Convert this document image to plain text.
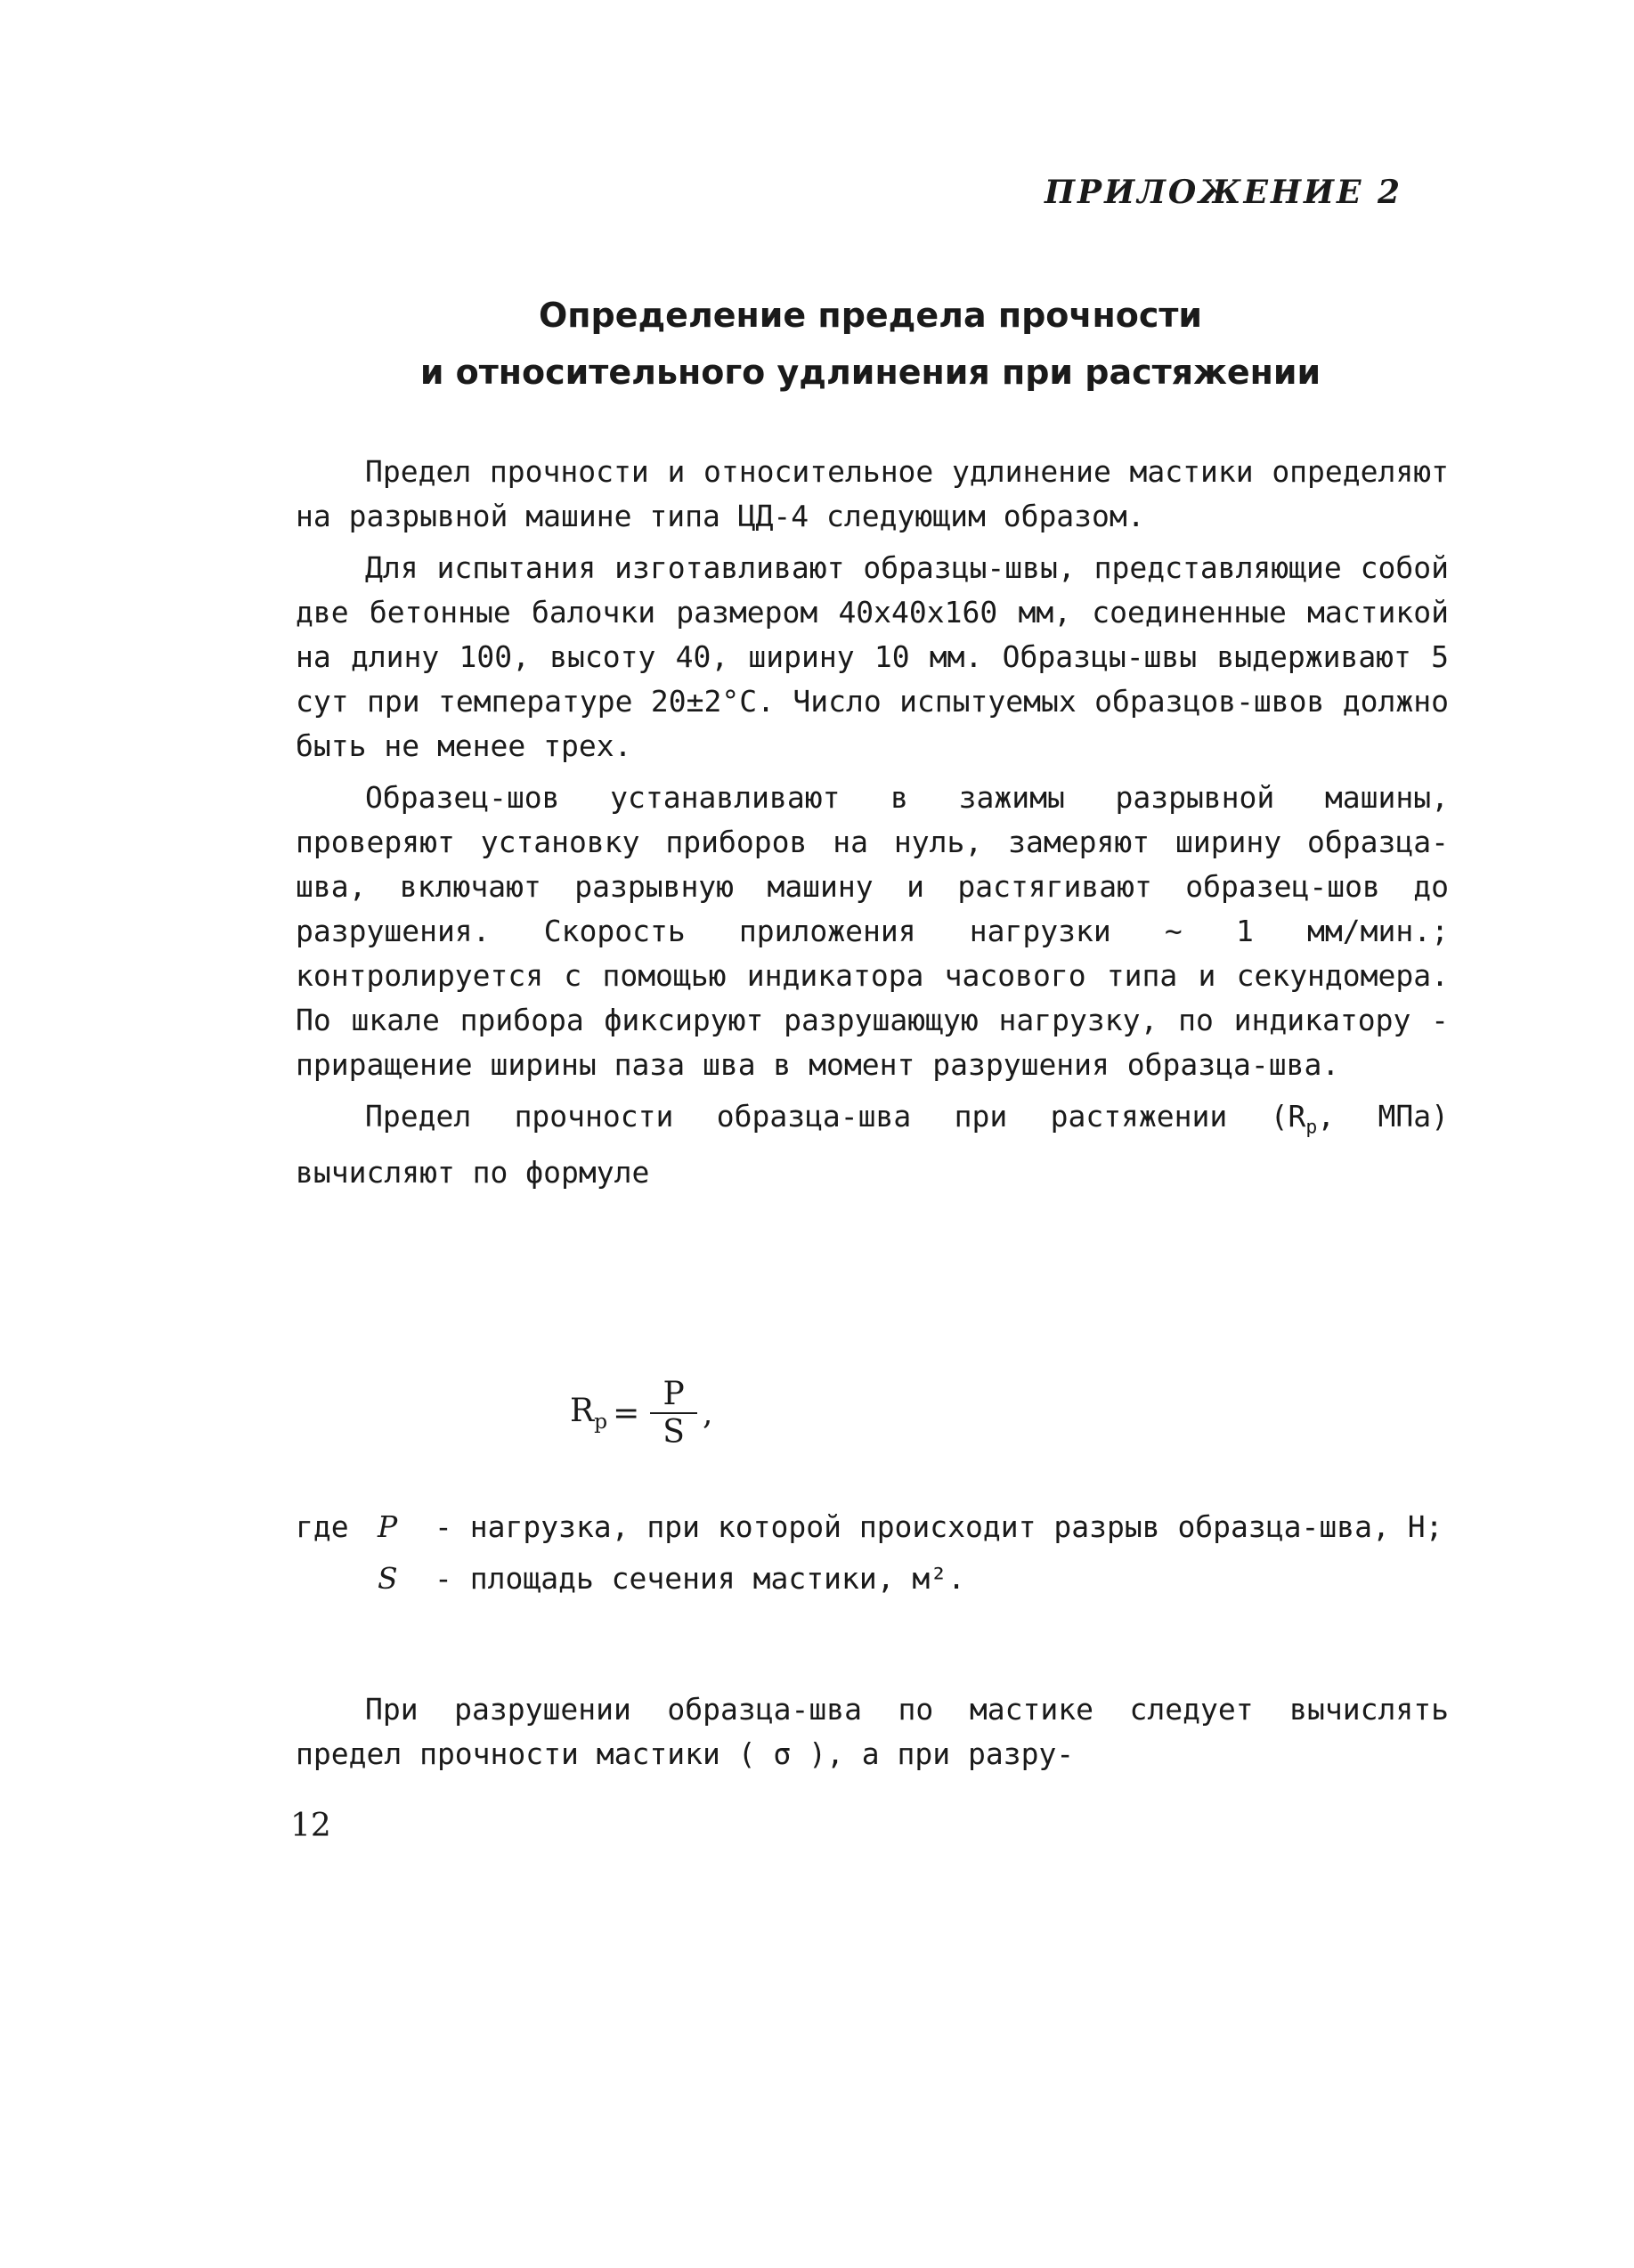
ПРИЛОЖЕНИЕ 2
Определение предела прочности
и относительного удлинения при растяжении

Предел прочности и относительное удлинение мастики определяют на разрывной машине типа ЦД-4 следующим образом.

Для испытания изготавливают образцы-швы, представляющие собой две бетонные балочки размером 40х40х160 мм, соединенные мастикой на длину 100, высоту 40, ширину 10 мм. Образцы-швы выдерживают 5 сут при температуре 20±2°С. Число испытуемых образцов-швов должно быть не менее трех.

Образец-шов устанавливают в зажимы разрывной машины, проверяют установку приборов на нуль, замеряют ширину образца-шва, включают разрывную машину и растягивают образец-шов до разрушения. Скорость приложения нагрузки ~ 1 мм/мин.; контролируется с помощью индикатора часового типа и секундомера. По шкале прибора фиксируют разрушающую нагрузку, по индикатору - приращение ширины паза шва в момент разрушения образца-шва.

Предел прочности образца-шва при растяжении ($R_р$, МПа) вычисляют по формуле

$R_р = \frac{P}{S}$ ,
где P	- нагрузка, при которой происходит разрыв образца-шва, Н;
S	- площадь сечения мастики, м².

При разрушении образца-шва по мастике следует вычислять предел прочности мастики ( σ ), а при разру-

12
